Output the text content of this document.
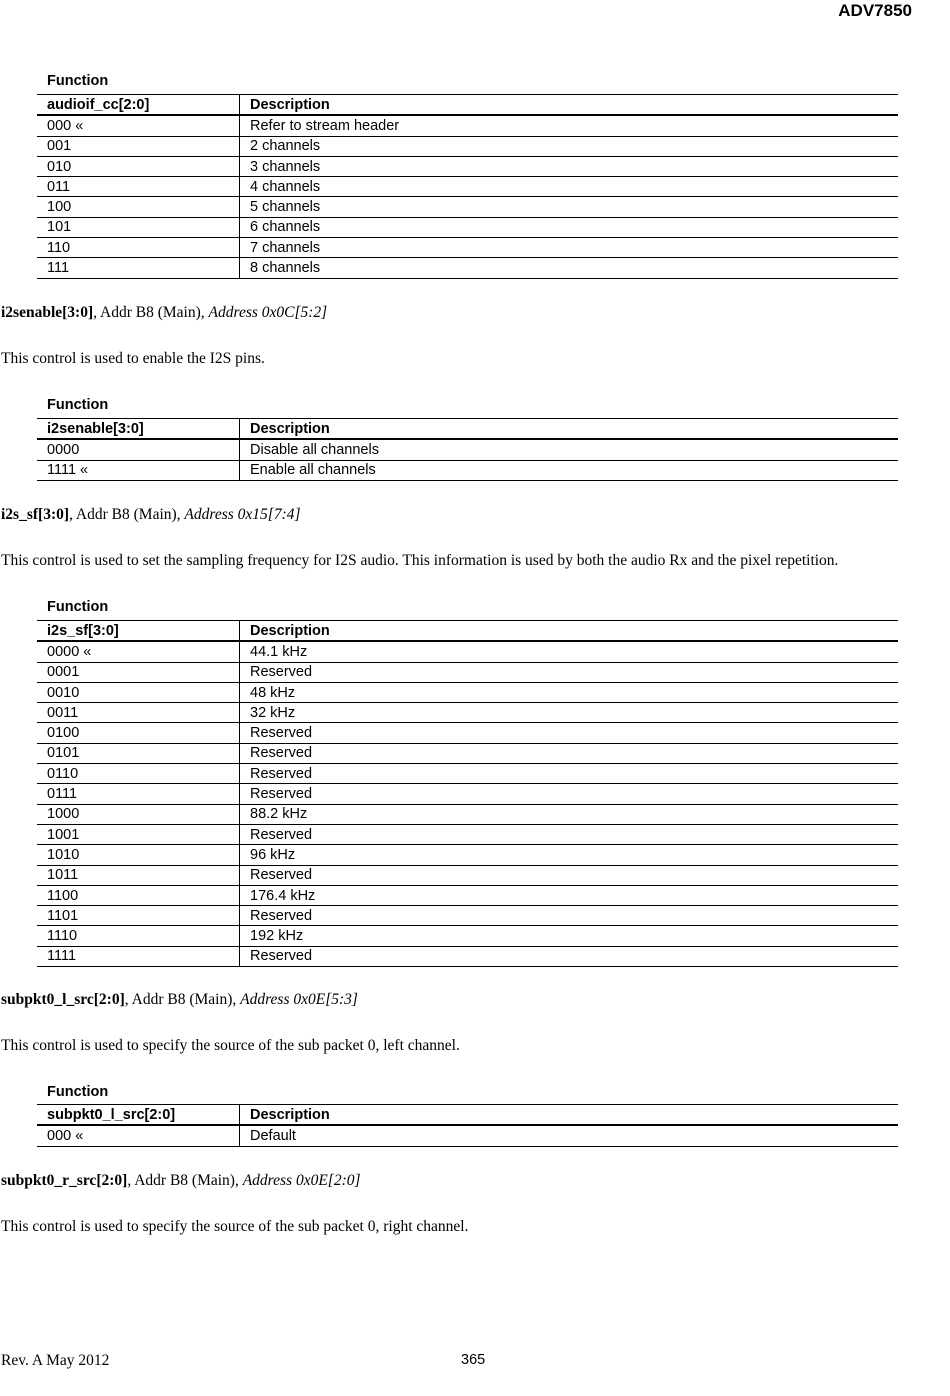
ADV7850
Function
audioif_cc[2:0]	Description
000 «	Refer to stream header
001	2 channels
010	3 channels
011	4 channels
100	5 channels
101	6 channels
110	7 channels
111	8 channels
i2senable[3:0], Addr B8 (Main), Address 0x0C[5:2]
This control is used to enable the I2S pins.
Function
i2senable[3:0]	Description
0000	Disable all channels
1111 «	Enable all channels
i2s_sf[3:0], Addr B8 (Main), Address 0x15[7:4]
This control is used to set the sampling frequency for I2S audio. This information is used by both the audio Rx and the pixel repetition.
Function
i2s_sf[3:0]	Description
0000 «	44.1 kHz
0001	Reserved
0010	48 kHz
0011	32 kHz
0100	Reserved
0101	Reserved
0110	Reserved
0111	Reserved
1000	88.2 kHz
1001	Reserved
1010	96 kHz
1011	Reserved
1100	176.4 kHz
1101	Reserved
1110	192 kHz
1111	Reserved
subpkt0_l_src[2:0], Addr B8 (Main), Address 0x0E[5:3]
This control is used to specify the source of the sub packet 0, left channel.
Function
subpkt0_l_src[2:0]	Description
000 «	Default
subpkt0_r_src[2:0], Addr B8 (Main), Address 0x0E[2:0]
This control is used to specify the source of the sub packet 0, right channel.
Rev. A May 2012	365
